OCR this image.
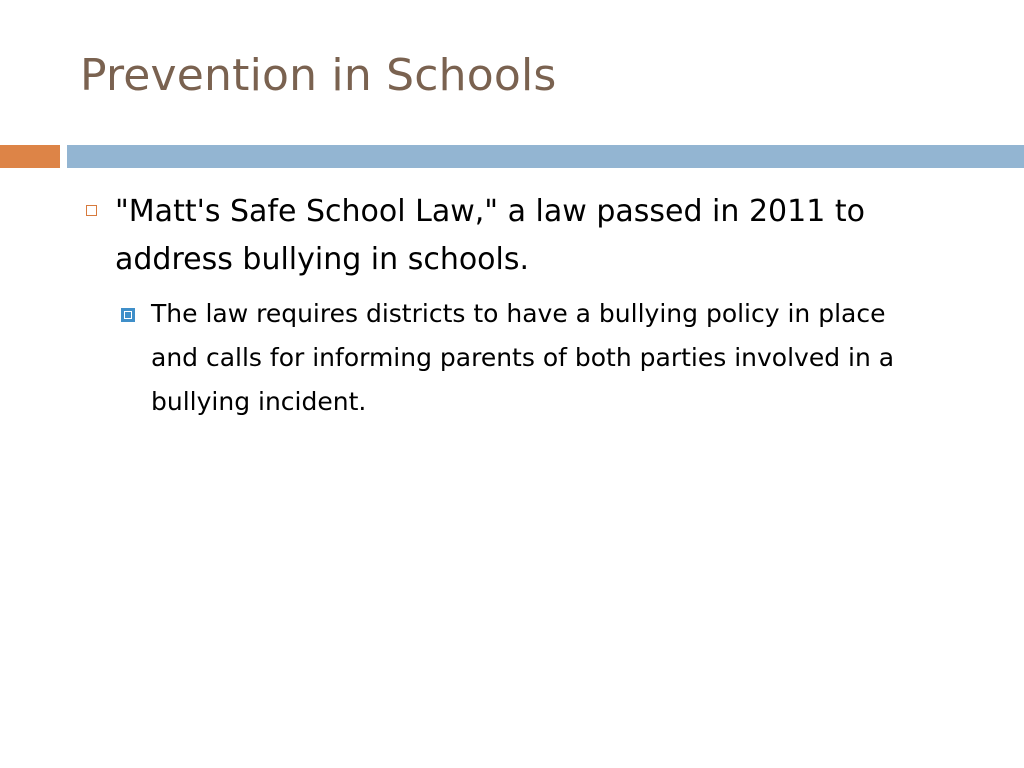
Prevention in Schools
"Matt's Safe School Law," a law passed in 2011 to address bullying in schools.
The law requires districts to have a bullying policy in place and calls for informing parents of both parties involved in a bullying incident.
